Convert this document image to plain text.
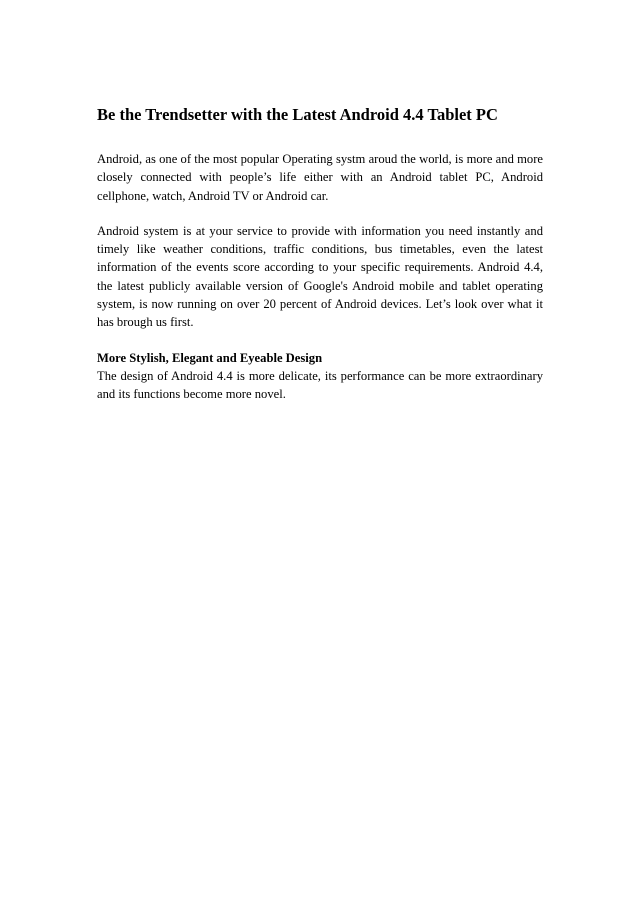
Be the Trendsetter with the Latest Android 4.4 Tablet PC

Android, as one of the most popular Operating systm aroud the world, is more and more closely connected with people’s life either with an Android tablet PC, Android cellphone, watch, Android TV or Android car.

Android system is at your service to provide with information you need instantly and timely like weather conditions, traffic conditions, bus timetables, even the latest information of the events score according to your specific requirements. Android 4.4, the latest publicly available version of Google's Android mobile and tablet operating system, is now running on over 20 percent of Android devices. Let’s look over what it has brough us first.

More Stylish, Elegant and Eyeable Design

The design of Android 4.4 is more delicate, its performance can be more extraordinary and its functions become more novel.
